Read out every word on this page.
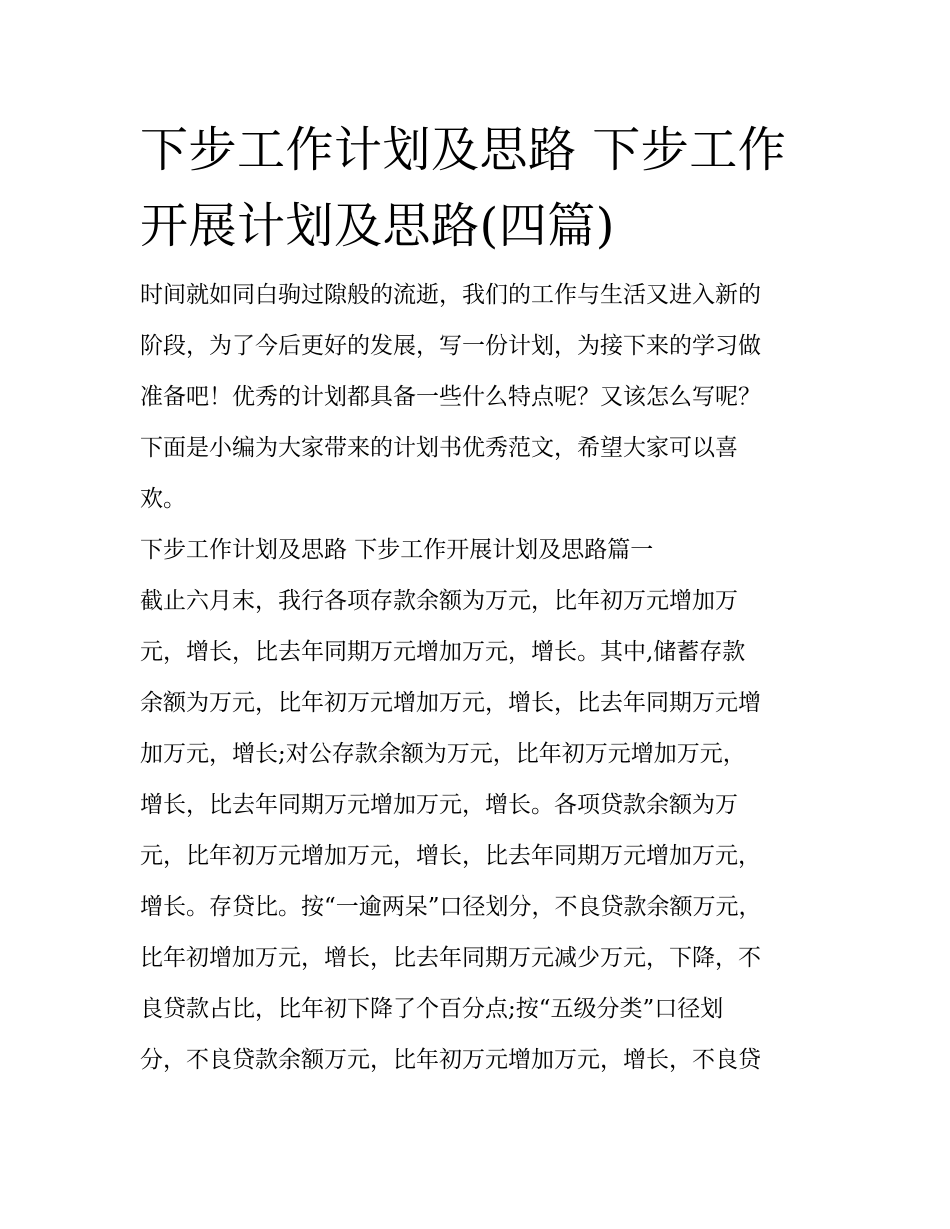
下步工作计划及思路 下步工作
开展计划及思路(四篇)
时间就如同白驹过隙般的流逝，我们的工作与生活又进入新的
阶段，为了今后更好的发展，写一份计划，为接下来的学习做
准备吧！优秀的计划都具备一些什么特点呢？又该怎么写呢？
下面是小编为大家带来的计划书优秀范文，希望大家可以喜
欢。
下步工作计划及思路 下步工作开展计划及思路篇一
截止六月末，我行各项存款余额为万元，比年初万元增加万
元，增长，比去年同期万元增加万元，增长。其中,储蓄存款
余额为万元，比年初万元增加万元，增长，比去年同期万元增
加万元，增长;对公存款余额为万元，比年初万元增加万元，
增长，比去年同期万元增加万元，增长。各项贷款余额为万
元，比年初万元增加万元，增长，比去年同期万元增加万元，
增长。存贷比。按“一逾两呆”口径划分，不良贷款余额万元，
比年初增加万元，增长，比去年同期万元减少万元，下降，不
良贷款占比，比年初下降了个百分点;按“五级分类”口径划
分，不良贷款余额万元，比年初万元增加万元，增长，不良贷
